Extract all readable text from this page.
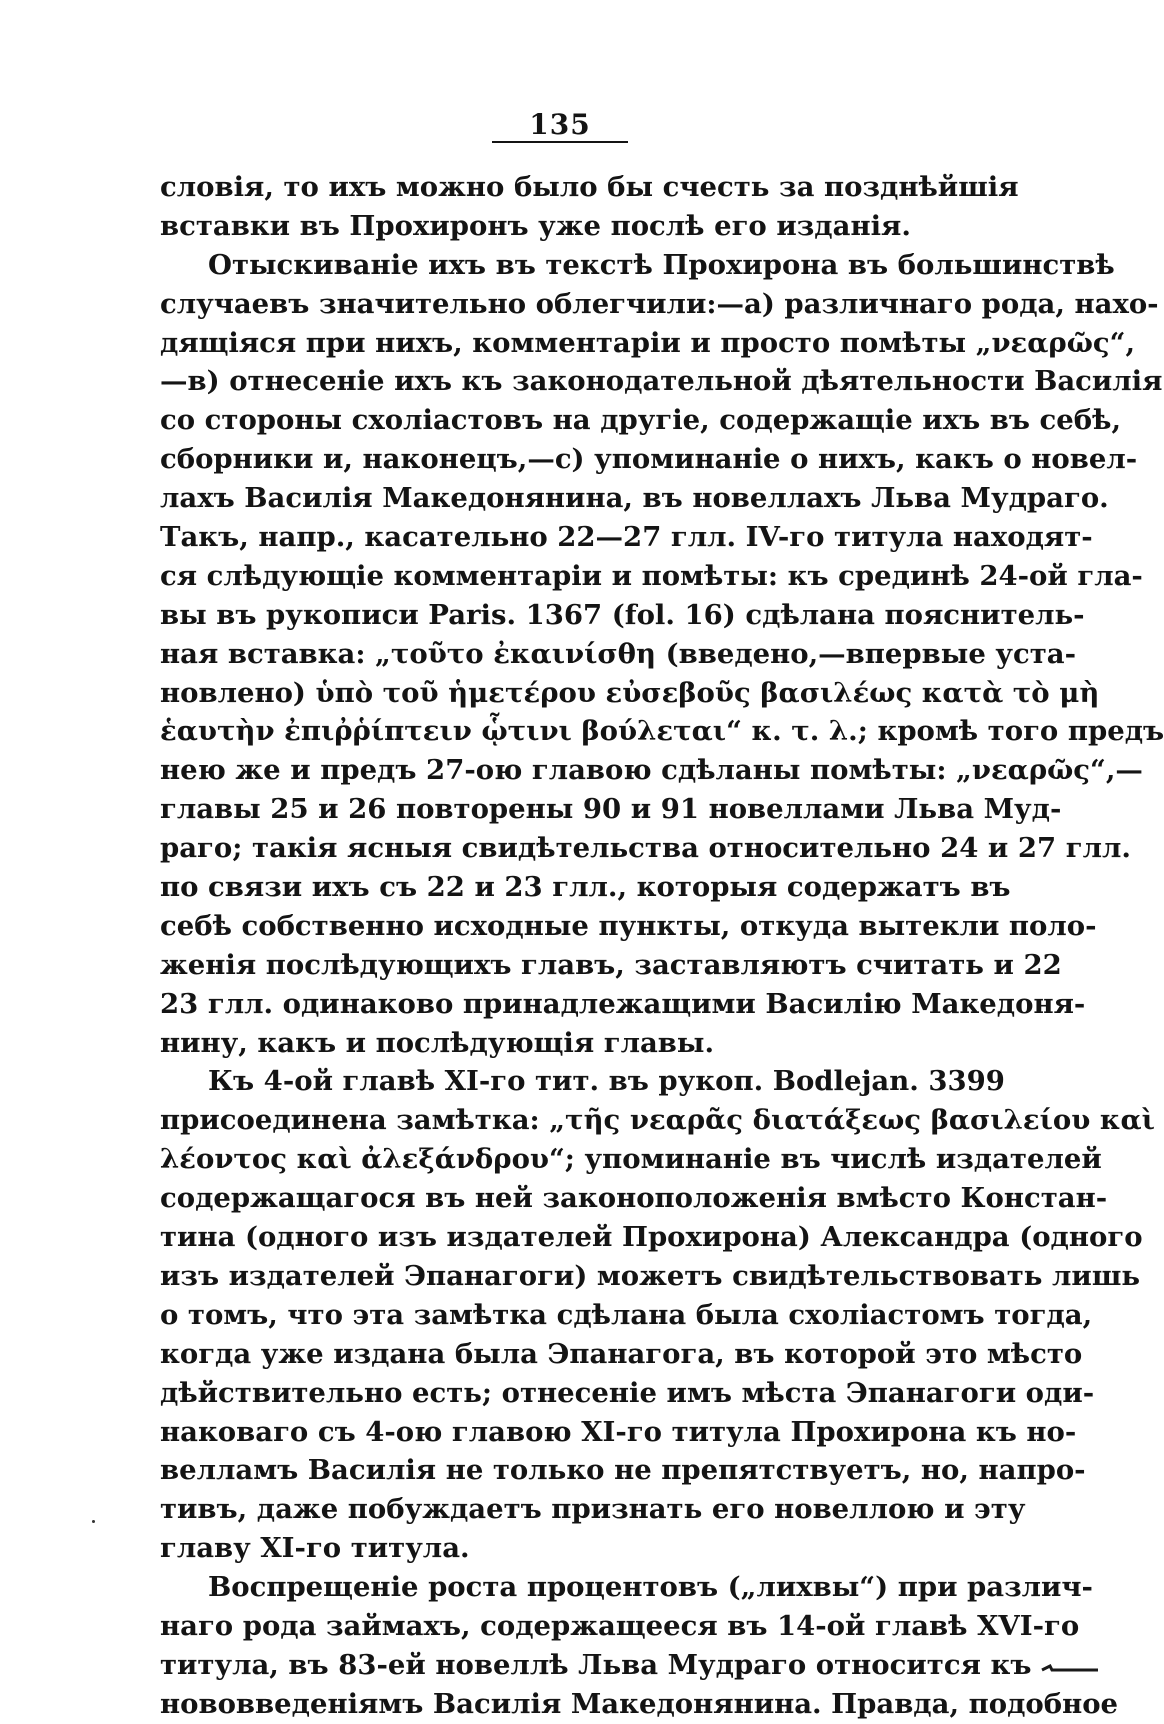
135
словія, то ихъ можно было бы счесть за позднѣйшія
вставки въ Прохиронъ уже послѣ его изданія.
Отыскиваніе ихъ въ текстѣ Прохирона въ большинствѣ
случаевъ значительно облегчили:—а) различнаго рода, нахо-
дящіяся при нихъ, комментаріи и просто помѣты „νεαρῶς“,
—в) отнесеніе ихъ къ законодательной дѣятельности Василія
со стороны схоліастовъ на другіе, содержащіе ихъ въ себѣ,
сборники и, наконецъ,—с) упоминаніе о нихъ, какъ о новел-
лахъ Василія Македонянина, въ новеллахъ Льва Мудраго.
Такъ, напр., касательно 22—27 глл. IV-го титула находят-
ся слѣдующіе комментаріи и помѣты: къ срединѣ 24-ой гла-
вы въ рукописи Paris. 1367 (fol. 16) сдѣлана пояснитель-
ная вставка: „τοῦτο ἐκαινίσθη (введено,—впервые уста-
новлено) ὑπὸ τοῦ ἡμετέρου εὐσεβοῦς βασιλέως κατὰ τὸ μὴ
ἑαυτὴν ἐπιῤῥίπτειν ᾧτινι βούλεται“ κ. τ. λ.; кромѣ того предъ
нею же и предъ 27-ою главою сдѣланы помѣты: „νεαρῶς“,—
главы 25 и 26 повторены 90 и 91 новеллами Льва Муд-
раго; такія ясныя свидѣтельства относительно 24 и 27 глл.
по связи ихъ съ 22 и 23 глл., которыя содержатъ въ
себѣ собственно исходные пункты, откуда вытекли поло-
женія послѣдующихъ главъ, заставляютъ считать и 22
23 глл. одинаково принадлежащими Василію Македоня-
нину, какъ и послѣдующія главы.
Къ 4-ой главѣ XI-го тит. въ рукоп. Bodlejan. 3399
присоединена замѣтка: „τῆς νεαρᾶς διατάξεως βασιλείου καὶ
λέοντος καὶ ἀλεξάνδρου“; упоминаніе въ числѣ издателей
содержащагося въ ней законоположенія вмѣсто Констан-
тина (одного изъ издателей Прохирона) Александра (одного
изъ издателей Эпанагоги) можетъ свидѣтельствовать лишь
о томъ, что эта замѣтка сдѣлана была схоліастомъ тогда,
когда уже издана была Эпанагога, въ которой это мѣсто
дѣйствительно есть; отнесеніе имъ мѣста Эпанагоги оди-
наковаго съ 4-ою главою XI-го титула Прохирона къ но-
велламъ Василія не только не препятствуетъ, но, напро-
тивъ, даже побуждаетъ признать его новеллою и эту
главу XI-го титула.
Воспрещеніе роста процентовъ („лихвы“) при различ-
наго рода займахъ, содержащееся въ 14-ой главѣ XVI-го
титула, въ 83-ей новеллѣ Льва Мудраго относится къ
нововведеніямъ Василія Македонянина. Правда, подобное
